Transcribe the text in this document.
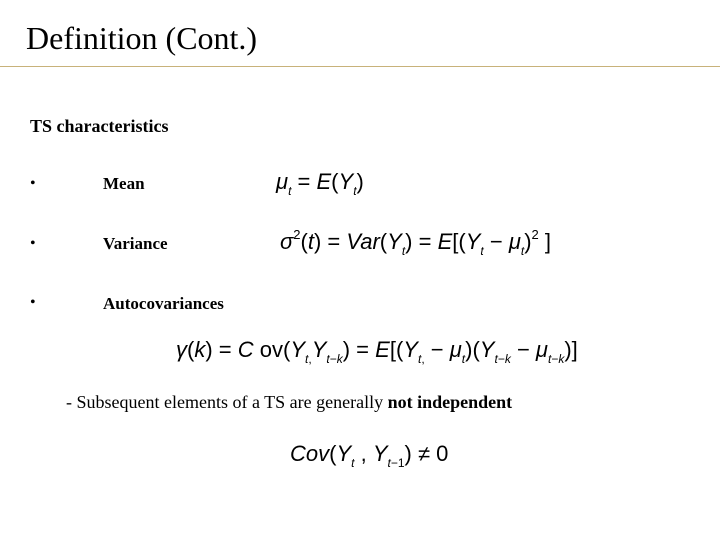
Definition (Cont.)
TS characteristics
•	Mean	$\mu_t = E(Y_t)$
•	Variance	$\sigma^2(t) = Var(Y_t) = E[(Y_t - \mu_t)^2$ ]
•	Autocovariances
γ(k) = C $ov(Y_{t,}Y_{t-k}) = E[(Y_{t,} - \mu_t)(Y_{t-k} - \mu_{t-k})]$
- Subsequent elements of a TS are generally not independent
$Cov(Y_t$ , $Y_{t-1}) \ne 0$
